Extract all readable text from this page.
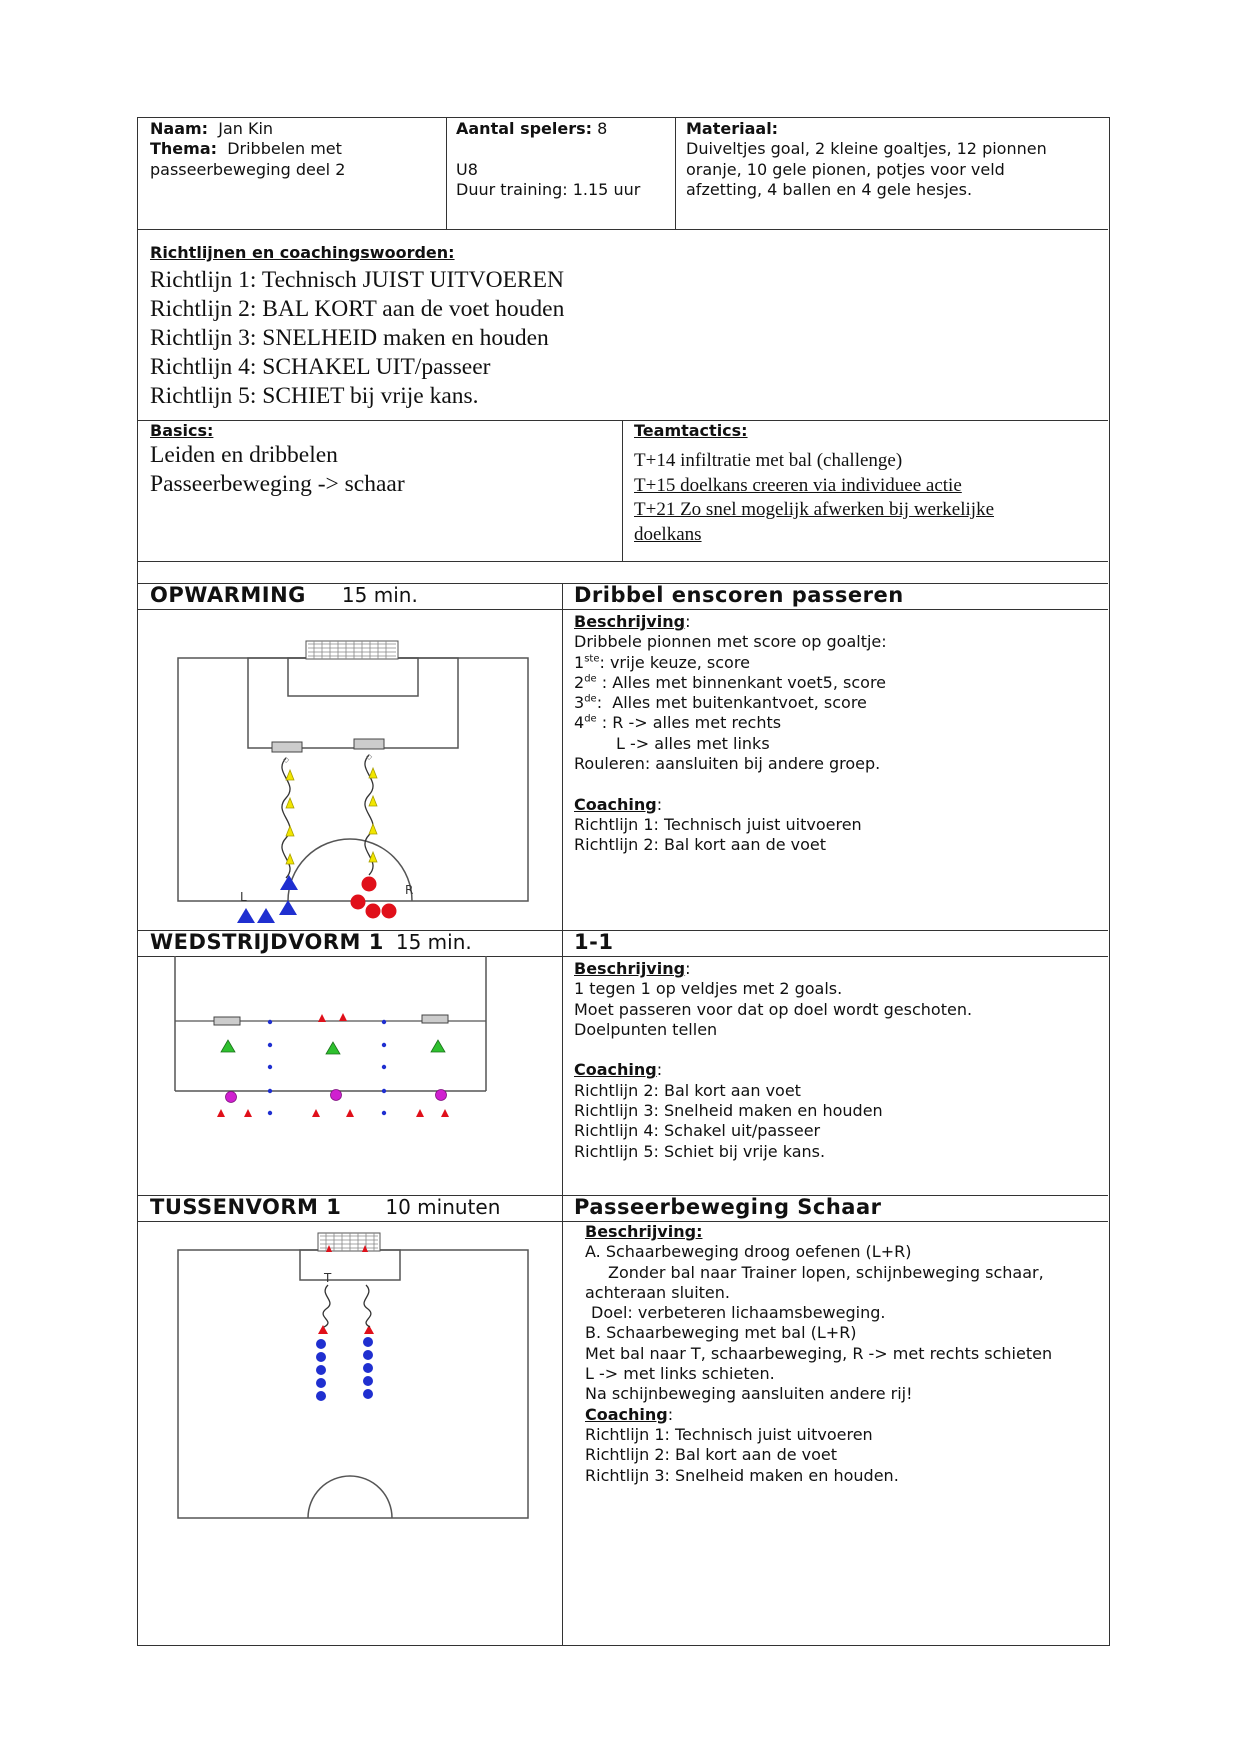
Naam: Jan Kin
Thema: Dribbelen met
passeerbeweging deel 2
Aantal spelers: 8
U8
Duur training: 1.15 uur
Materiaal:
Duiveltjes goal, 2 kleine goaltjes, 12 pionnen
oranje, 10 gele pionen, potjes voor veld
afzetting, 4 ballen en 4 gele hesjes.
Richtlijnen en coachingswoorden:
Richtlijn 1: Technisch JUIST UITVOEREN
Richtlijn 2: BAL KORT aan de voet houden
Richtlijn 3: SNELHEID maken en houden
Richtlijn 4: SCHAKEL UIT/passeer
Richtlijn 5: SCHIET bij vrije kans.
Basics:
Leiden en dribbelen
Passeerbeweging -> schaar
Teamtactics:
T+14 infiltratie met bal (challenge)
T+15 doelkans creeren via individuee actie
T+21 Zo snel mogelijk afwerken bij werkelijke
doelkans
OPWARMING 15 min.	Dribbel enscoren passeren
Beschrijving:
Dribbele pionnen met score op goaltje:
1ste: vrije keuze, score
2de : Alles met binnenkant voet5, score
3de:  Alles met buitenkantvoet, score
4de : R -> alles met rechts
L -> alles met links
Rouleren: aansluiten bij andere groep.
Coaching:
Richtlijn 1: Technisch juist uitvoeren
Richtlijn 2: Bal kort aan de voet
◇	◇
L	R
WEDSTRIJDVORM 1 15 min.	1-1
Beschrijving:
1 tegen 1 op veldjes met 2 goals.
Moet passeren voor dat op doel wordt geschoten.
Doelpunten tellen
Coaching:
Richtlijn 2: Bal kort aan voet
Richtlijn 3: Snelheid maken en houden
Richtlijn 4: Schakel uit/passeer
Richtlijn 5: Schiet bij vrije kans.
TUSSENVORM 1 10 minuten	Passeerbeweging Schaar
Beschrijving:
A. Schaarbeweging droog oefenen (L+R)
Zonder bal naar Trainer lopen, schijnbeweging schaar,
achteraan sluiten.
Doel: verbeteren lichaamsbeweging.
B. Schaarbeweging met bal (L+R)
Met bal naar T, schaarbeweging, R -> met rechts schieten
L -> met links schieten.
Na schijnbeweging aansluiten andere rij!
Coaching:
Richtlijn 1: Technisch juist uitvoeren
Richtlijn 2: Bal kort aan de voet
Richtlijn 3: Snelheid maken en houden.
T
